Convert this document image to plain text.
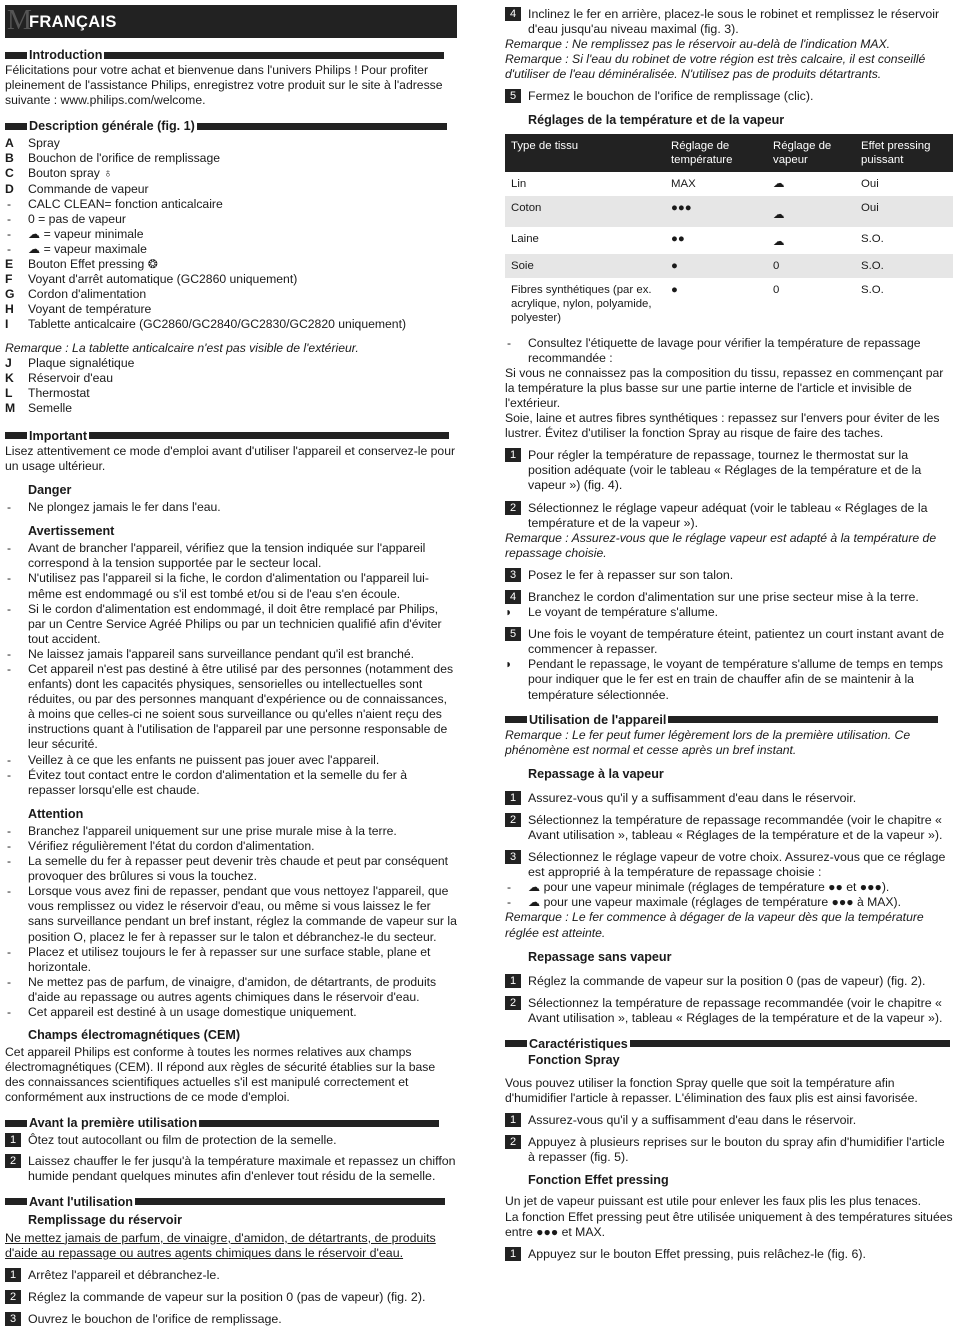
M
FRANÇAIS
Introduction

Félicitations pour votre achat et bienvenue dans l'univers Philips ! Pour profiter pleinement de l'assistance Philips, enregistrez votre produit sur le site à l'adresse suivante : www.philips.com/welcome.

Description générale (fig. 1)
A	Spray
B	Bouchon de l'orifice de remplissage
C	Bouton spray ♁
D	Commande de vapeur
-	CALC CLEAN= fonction anticalcaire
-	0 = pas de vapeur
-	☁ = vapeur minimale
-	☁ = vapeur maximale
E	Bouton Effet pressing ❂
F	Voyant d'arrêt automatique (GC2860 uniquement)
G	Cordon d'alimentation
H	Voyant de température
I	Tablette anticalcaire (GC2860/GC2840/GC2830/GC2820 uniquement)

Remarque : La tablette anticalcaire n'est pas visible de l'extérieur.

J	Plaque signalétique
K	Réservoir d'eau
L	Thermostat
M	Semelle
Important

Lisez attentivement ce mode d'emploi avant d'utiliser l'appareil et conservez-le pour un usage ultérieur.

Danger
-	Ne plongez jamais le fer dans l'eau.
Avertissement
-	Avant de brancher l'appareil, vérifiez que la tension indiquée sur l'appareil correspond à la tension supportée par le secteur local.
-	N'utilisez pas l'appareil si la fiche, le cordon d'alimentation ou l'appareil lui-même est endommagé ou s'il est tombé et/ou si de l'eau s'en écoule.
-	Si le cordon d'alimentation est endommagé, il doit être remplacé par Philips, par un Centre Service Agréé Philips ou par un technicien qualifié afin d'éviter tout accident.
-	Ne laissez jamais l'appareil sans surveillance pendant qu'il est branché.
-	Cet appareil n'est pas destiné à être utilisé par des personnes (notamment des enfants) dont les capacités physiques, sensorielles ou intellectuelles sont réduites, ou par des personnes manquant d'expérience ou de connaissances, à moins que celles-ci ne soient sous surveillance ou qu'elles n'aient reçu des instructions quant à l'utilisation de l'appareil par une personne responsable de leur sécurité.
-	Veillez à ce que les enfants ne puissent pas jouer avec l'appareil.
-	Évitez tout contact entre le cordon d'alimentation et la semelle du fer à repasser lorsqu'elle est chaude.
Attention
-	Branchez l'appareil uniquement sur une prise murale mise à la terre.
-	Vérifiez régulièrement l'état du cordon d'alimentation.
-	La semelle du fer à repasser peut devenir très chaude et peut par conséquent provoquer des brûlures si vous la touchez.
-	Lorsque vous avez fini de repasser, pendant que vous nettoyez l'appareil, que vous remplissez ou videz le réservoir d'eau, ou même si vous laissez le fer sans surveillance pendant un bref instant, réglez la commande de vapeur sur la position O, placez le fer à repasser sur le talon et débranchez-le du secteur.
-	Placez et utilisez toujours le fer à repasser sur une surface stable, plane et horizontale.
-	Ne mettez pas de parfum, de vinaigre, d'amidon, de détartrants, de produits d'aide au repassage ou autres agents chimiques dans le réservoir d'eau.
-	Cet appareil est destiné à un usage domestique uniquement.
Champs électromagnétiques (CEM)

Cet appareil Philips est conforme à toutes les normes relatives aux champs électromagnétiques (CEM). Il répond aux règles de sécurité établies sur la base des connaissances scientifiques actuelles s'il est manipulé correctement et conformément aux instructions de ce mode d'emploi.

Avant la première utilisation
1 Ôtez tout autocollant ou film de protection de la semelle.
2 Laissez chauffer le fer jusqu'à la température maximale et repassez un chiffon humide pendant quelques minutes afin d'enlever tout résidu de la semelle.
Avant l'utilisation
Remplissage du réservoir

Ne mettez jamais de parfum, de vinaigre, d'amidon, de détartrants, de produits d'aide au repassage ou autres agents chimiques dans le réservoir d'eau.

1 Arrêtez l'appareil et débranchez-le.
2 Réglez la commande de vapeur sur la position 0 (pas de vapeur) (fig. 2).
3 Ouvrez le bouchon de l'orifice de remplissage.
4 Inclinez le fer en arrière, placez-le sous le robinet et remplissez le réservoir d'eau jusqu'au niveau maximal (fig. 3).

Remarque : Ne remplissez pas le réservoir au-delà de l'indication MAX.

Remarque : Si l'eau du robinet de votre région est très calcaire, il est conseillé d'utiliser de l'eau déminéralisée. N'utilisez pas de produits détartrants.

5 Fermez le bouchon de l'orifice de remplissage (clic).
Réglages de la température et de la vapeur
Type de tissu	Réglage de température	Réglage de vapeur	Effet pressing puissant
Lin	MAX	☁	Oui
Coton	●●●	☁	Oui
Laine	●●	☁	S.O.
Soie	●	0	S.O.
Fibres synthétiques (par ex. acrylique, nylon, polyamide, polyester)	●	0	S.O.
-	Consultez l'étiquette de lavage pour vérifier la température de repassage recommandée :

Si vous ne connaissez pas la composition du tissu, repassez en commençant par la température la plus basse sur une partie interne de l'article et invisible de l'extérieur.

Soie, laine et autres fibres synthétiques : repassez sur l'envers pour éviter de les lustrer. Évitez d'utiliser la fonction Spray au risque de faire des taches.

1 Pour régler la température de repassage, tournez le thermostat sur la position adéquate (voir le tableau « Réglages de la température et de la vapeur ») (fig. 4).
2 Sélectionnez le réglage vapeur adéquat (voir le tableau « Réglages de la température et de la vapeur »).

Remarque : Assurez-vous que le réglage vapeur est adapté à la température de repassage choisie.

3 Posez le fer à repasser sur son talon.
4 Branchez le cordon d'alimentation sur une prise secteur mise à la terre.
◗	Le voyant de température s'allume.
5 Une fois le voyant de température éteint, patientez un court instant avant de commencer à repasser.
◗	Pendant le repassage, le voyant de température s'allume de temps en temps pour indiquer que le fer est en train de chauffer afin de se maintenir à la température sélectionnée.
Utilisation de l'appareil

Remarque : Le fer peut fumer légèrement lors de la première utilisation. Ce phénomène est normal et cesse après un bref instant.

Repassage à la vapeur
1 Assurez-vous qu'il y a suffisamment d'eau dans le réservoir.
2 Sélectionnez la température de repassage recommandée (voir le chapitre « Avant utilisation », tableau « Réglages de la température et de la vapeur »).
3 Sélectionnez le réglage vapeur de votre choix. Assurez-vous que ce réglage est approprié à la température de repassage choisie :
-	☁ pour une vapeur minimale (réglages de température ●● et ●●●).
-	☁ pour une vapeur maximale (réglages de température ●●● à MAX).

Remarque : Le fer commence à dégager de la vapeur dès que la température réglée est atteinte.

Repassage sans vapeur
1 Réglez la commande de vapeur sur la position 0 (pas de vapeur) (fig. 2).
2 Sélectionnez la température de repassage recommandée (voir le chapitre « Avant utilisation », tableau « Réglages de la température et de la vapeur »).
Caractéristiques
Fonction Spray

Vous pouvez utiliser la fonction Spray quelle que soit la température afin d'humidifier l'article à repasser. L'élimination des faux plis est ainsi favorisée.

1 Assurez-vous qu'il y a suffisamment d'eau dans le réservoir.
2 Appuyez à plusieurs reprises sur le bouton du spray afin d'humidifier l'article à repasser (fig. 5).
Fonction Effet pressing

Un jet de vapeur puissant est utile pour enlever les faux plis les plus tenaces.

La fonction Effet pressing peut être utilisée uniquement à des températures situées entre ●●● et MAX.

1 Appuyez sur le bouton Effet pressing, puis relâchez-le (fig. 6).
